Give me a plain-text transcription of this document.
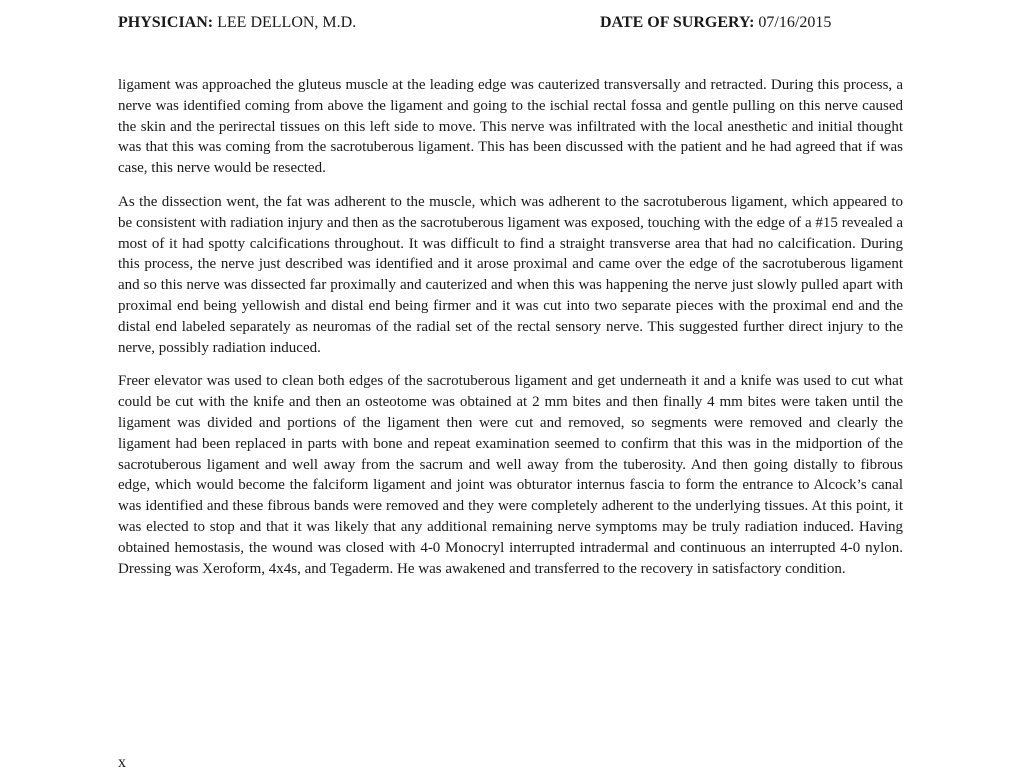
PHYSICIAN: LEE DELLON, M.D.	DATE OF SURGERY: 07/16/2015

ligament was approached the gluteus muscle at the leading edge was cauterized transversally and retracted. During this process, a nerve was identified coming from above the ligament and going to the ischial rectal fossa and gentle pulling on this nerve caused the skin and the perirectal tissues on this left side to move. This nerve was infiltrated with the local anesthetic and initial thought was that this was coming from the sacrotuberous ligament. This has been discussed with the patient and he had agreed that if was case, this nerve would be resected.

As the dissection went, the fat was adherent to the muscle, which was adherent to the sacrotuberous ligament, which appeared to be consistent with radiation injury and then as the sacrotuberous ligament was exposed, touching with the edge of a #15 revealed a most of it had spotty calcifications throughout. It was difficult to find a straight transverse area that had no calcification. During this process, the nerve just described was identified and it arose proximal and came over the edge of the sacrotuberous ligament and so this nerve was dissected far proximally and cauterized and when this was happening the nerve just slowly pulled apart with proximal end being yellowish and distal end being firmer and it was cut into two separate pieces with the proximal end and the distal end labeled separately as neuromas of the radial set of the rectal sensory nerve. This suggested further direct injury to the nerve, possibly radiation induced.

Freer elevator was used to clean both edges of the sacrotuberous ligament and get underneath it and a knife was used to cut what could be cut with the knife and then an osteotome was obtained at 2 mm bites and then finally 4 mm bites were taken until the ligament was divided and portions of the ligament then were cut and removed, so segments were removed and clearly the ligament had been replaced in parts with bone and repeat examination seemed to confirm that this was in the midportion of the sacrotuberous ligament and well away from the sacrum and well away from the tuberosity. And then going distally to fibrous edge, which would become the falciform ligament and joint was obturator internus fascia to form the entrance to Alcock’s canal was identified and these fibrous bands were removed and they were completely adherent to the underlying tissues. At this point, it was elected to stop and that it was likely that any additional remaining nerve symptoms may be truly radiation induced. Having obtained hemostasis, the wound was closed with 4-0 Monocryl interrupted intradermal and continuous an interrupted 4-0 nylon. Dressing was Xeroform, 4x4s, and Tegaderm. He was awakened and transferred to the recovery in satisfactory condition.

x
